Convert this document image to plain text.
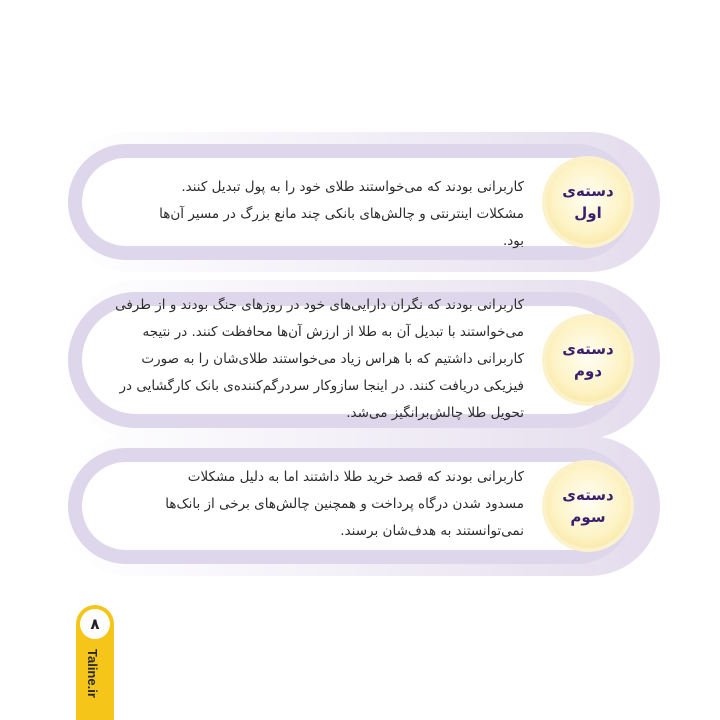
دسته‌ی
اول
کاربرانی بودند که می‌خواستند طلای خود را به پول تبدیل کنند.
مشکلات اینترنتی و چالش‌های بانکی چند مانع بزرگ در مسیر آن‌ها
بود.
دسته‌ی
دوم
کاربرانی بودند که نگران دارایی‌های خود در روزهای جنگ بودند و از طرفی
می‌خواستند با تبدیل آن به طلا از ارزش آن‌ها محافظت کنند. در نتیجه
کاربرانی داشتیم که با هراس زیاد می‌خواستند طلای‌شان را به صورت
فیزیکی دریافت کنند. در اینجا سازوکار سردرگم‌کننده‌ی بانک کارگشایی در
تحویل طلا چالش‌برانگیز می‌شد.
دسته‌ی
سوم
کاربرانی بودند که قصد خرید طلا داشتند اما به دلیل مشکلات
مسدود شدن درگاه پرداخت و همچنین چالش‌های برخی از بانک‌ها
نمی‌توانستند به هدف‌شان برسند.
۸
Taline.ir
